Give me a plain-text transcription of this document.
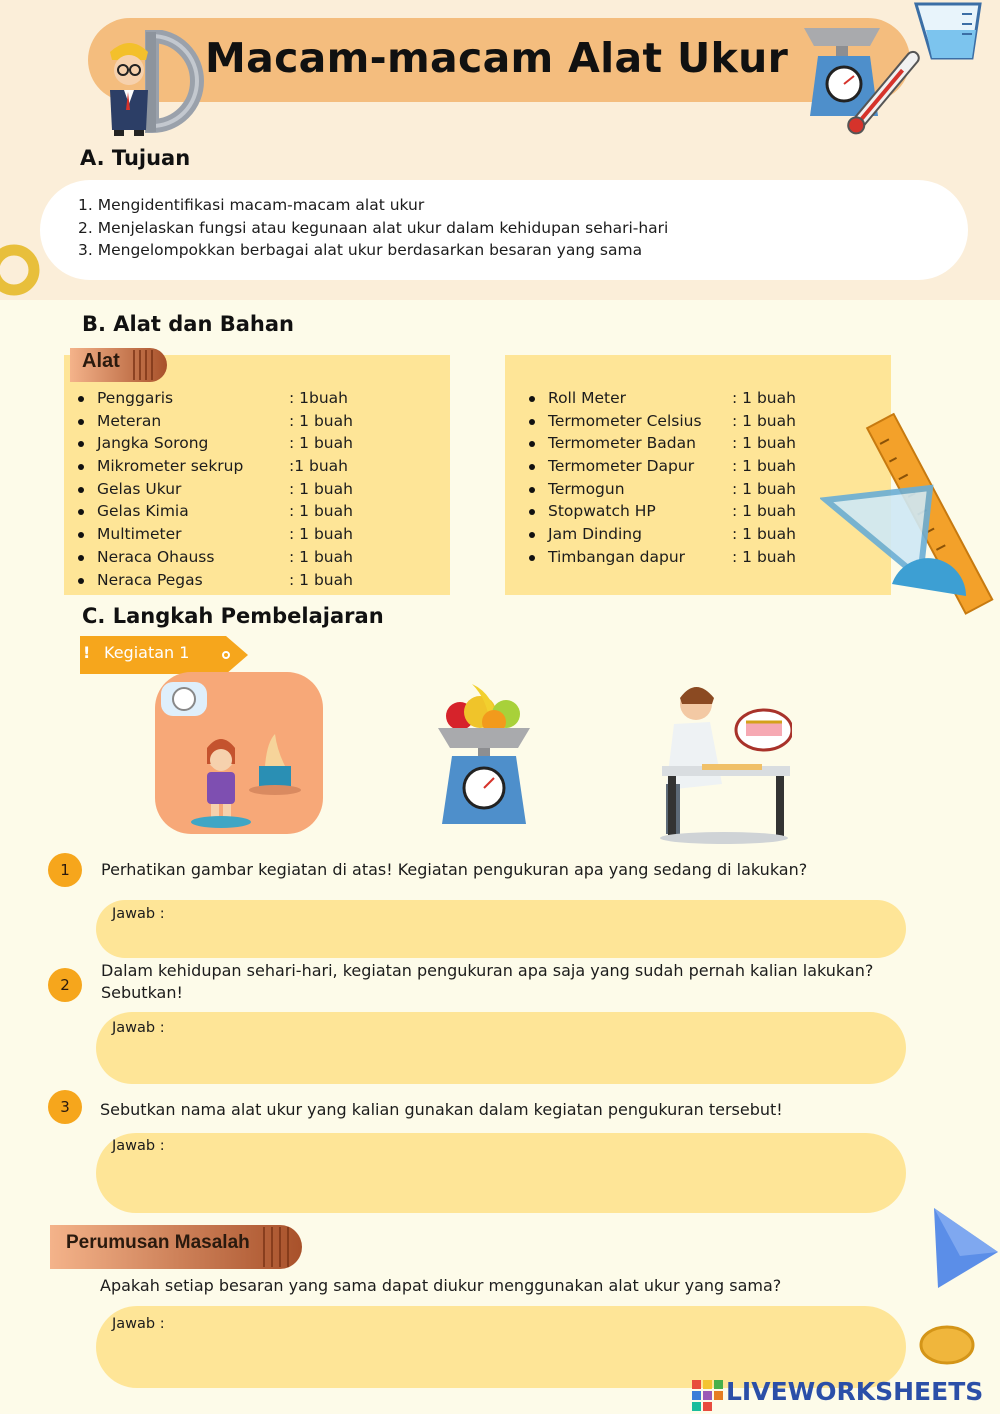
Macam-macam Alat Ukur
A. Tujuan
1. Mengidentifikasi macam-macam alat ukur
2. Menjelaskan fungsi atau kegunaan alat ukur dalam kehidupan sehari-hari
3. Mengelompokkan berbagai alat ukur berdasarkan besaran yang sama
B. Alat dan Bahan
Alat
Penggaris	: 1buah
Meteran	: 1 buah
Jangka Sorong	: 1 buah
Mikrometer sekrup	:1 buah
Gelas Ukur	: 1 buah
Gelas Kimia	: 1 buah
Multimeter	: 1 buah
Neraca Ohauss	: 1 buah
Neraca Pegas	: 1 buah
Roll Meter	: 1 buah
Termometer Celsius : 1 buah
Termometer Badan : 1 buah
Termometer Dapur : 1 buah
Termogun	: 1 buah
Stopwatch HP	: 1 buah
Jam Dinding	: 1 buah
Timbangan dapur	: 1 buah
C. Langkah Pembelajaran
! Kegiatan 1
1	Perhatikan gambar kegiatan di atas! Kegiatan pengukuran apa yang sedang di lakukan?

Jawab :
2

Dalam kehidupan sehari-hari, kegiatan pengukuran apa saja yang sudah pernah kalian lakukan? Sebutkan!

Jawab :
3	Sebutkan nama alat ukur yang kalian gunakan dalam kegiatan pengukuran tersebut!

Jawab :
Perumusan Masalah

Apakah setiap besaran yang sama dapat diukur menggunakan alat ukur yang sama?

Jawab :
LIVEWORKSHEETS
